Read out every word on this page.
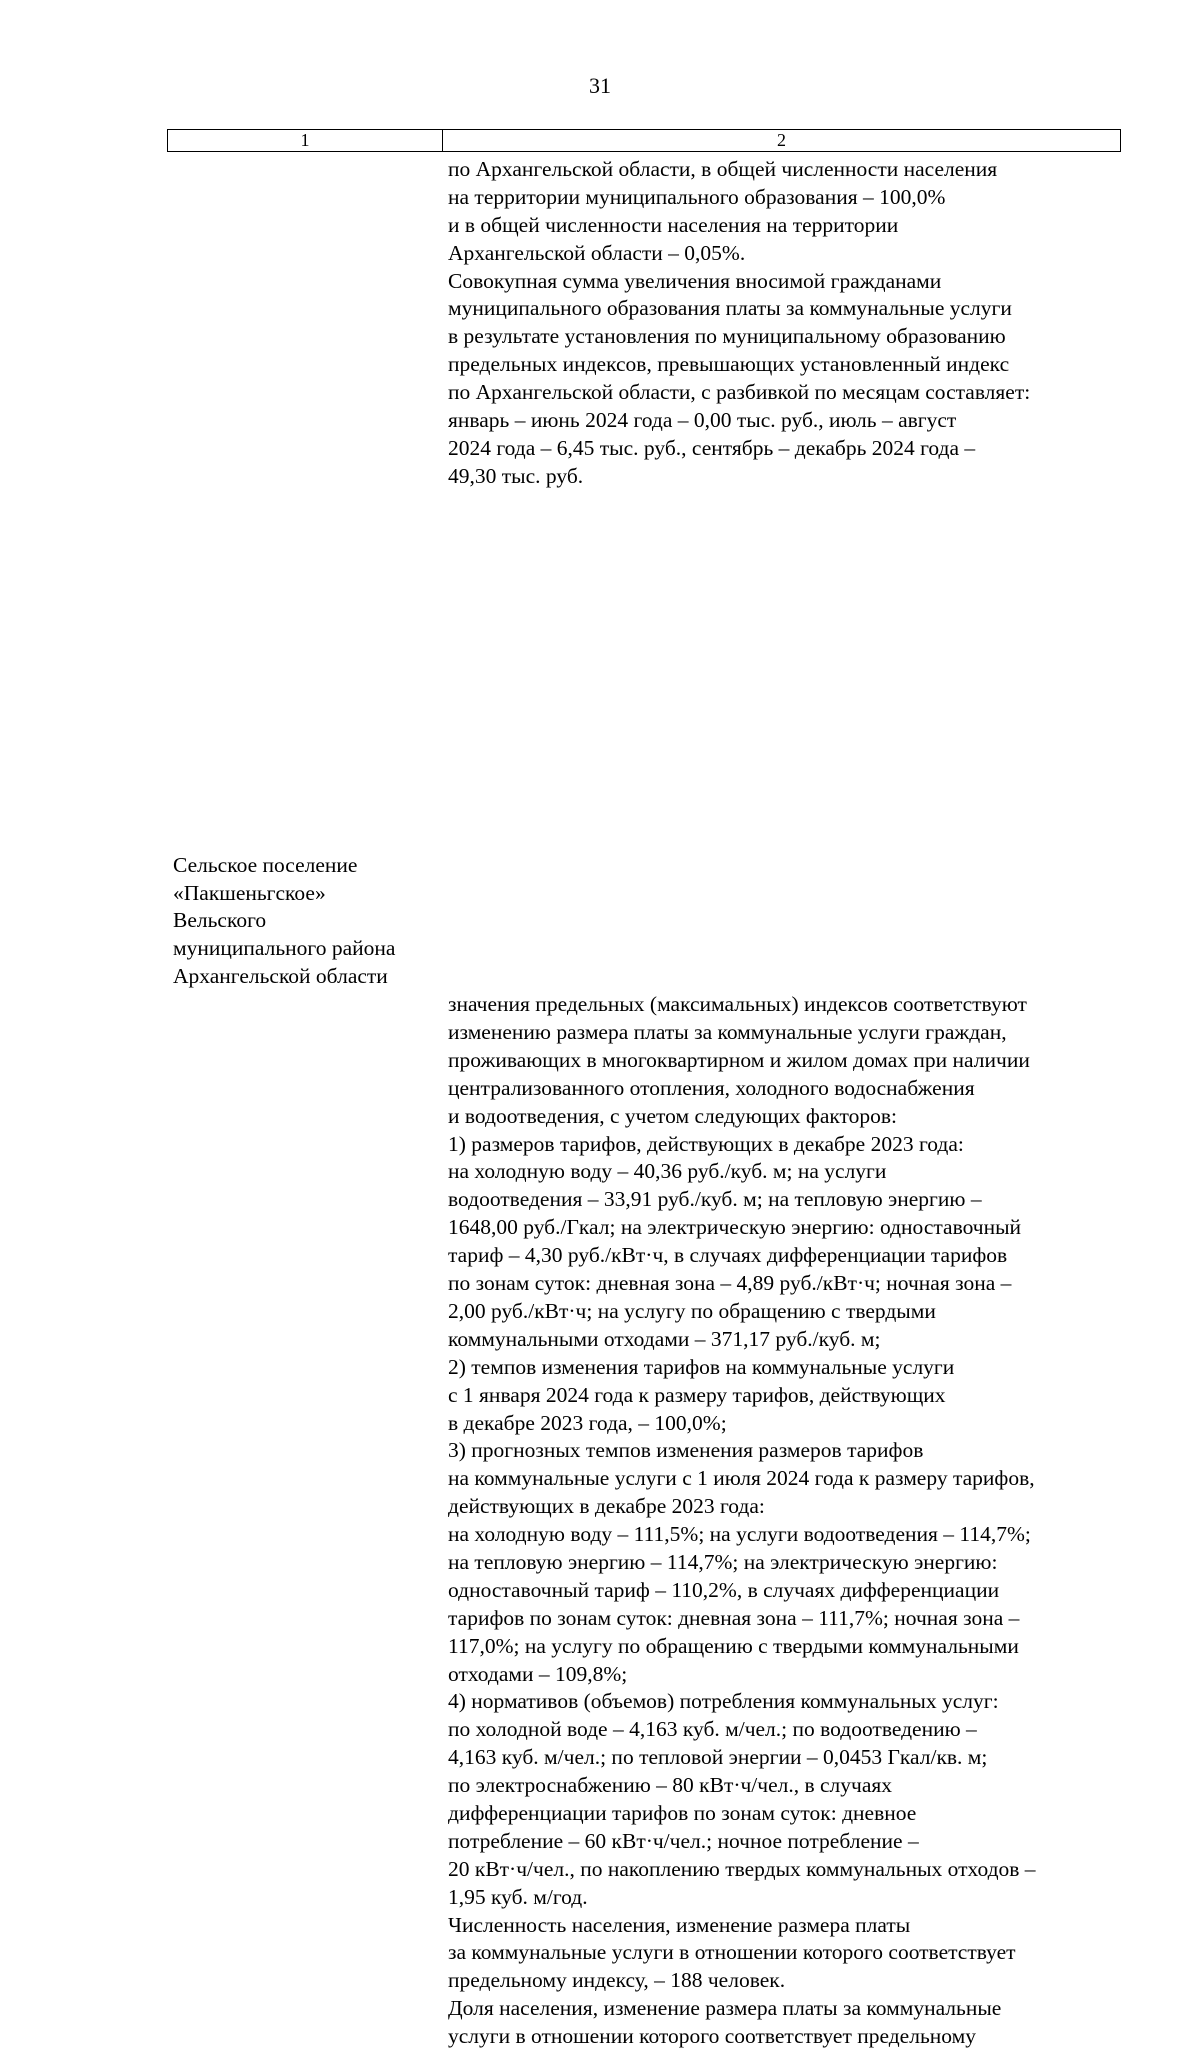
31
1	2
по Архангельской области, в общей численности населения
на территории муниципального образования – 100,0%
и в общей численности населения на территории
Архангельской области – 0,05%.
Совокупная сумма увеличения вносимой гражданами
муниципального образования платы за коммунальные услуги
в результате установления по муниципальному образованию
предельных индексов, превышающих установленный индекс
по Архангельской области, с разбивкой по месяцам составляет:
январь – июнь 2024 года – 0,00 тыс. руб., июль – август
2024 года – 6,45 тыс. руб., сентябрь – декабрь 2024 года –
49,30 тыс. руб.
Сельское поселение
«Пакшеньгское»
Вельского
муниципального района
Архангельской области
значения предельных (максимальных) индексов соответствуют
изменению размера платы за коммунальные услуги граждан,
проживающих в многоквартирном и жилом домах при наличии
централизованного отопления, холодного водоснабжения
и водоотведения, с учетом следующих факторов:
1) размеров тарифов, действующих в декабре 2023 года:
на холодную воду – 40,36 руб./куб. м; на услуги
водоотведения – 33,91 руб./куб. м; на тепловую энергию –
1648,00 руб./Гкал; на электрическую энергию: одноставочный
тариф – 4,30 руб./кВт·ч, в случаях дифференциации тарифов
по зонам суток: дневная зона – 4,89 руб./кВт·ч; ночная зона –
2,00 руб./кВт·ч; на услугу по обращению с твердыми
коммунальными отходами – 371,17 руб./куб. м;
2) темпов изменения тарифов на коммунальные услуги
с 1 января 2024 года к размеру тарифов, действующих
в декабре 2023 года, – 100,0%;
3) прогнозных темпов изменения размеров тарифов
на коммунальные услуги с 1 июля 2024 года к размеру тарифов,
действующих в декабре 2023 года:
на холодную воду – 111,5%; на услуги водоотведения – 114,7%;
на тепловую энергию – 114,7%; на электрическую энергию:
одноставочный тариф – 110,2%, в случаях дифференциации
тарифов по зонам суток: дневная зона – 111,7%; ночная зона –
117,0%; на услугу по обращению с твердыми коммунальными
отходами – 109,8%;
4) нормативов (объемов) потребления коммунальных услуг:
по холодной воде – 4,163 куб. м/чел.; по водоотведению –
4,163 куб. м/чел.; по тепловой энергии – 0,0453 Гкал/кв. м;
по электроснабжению – 80 кВт·ч/чел., в случаях
дифференциации тарифов по зонам суток: дневное
потребление – 60 кВт·ч/чел.; ночное потребление –
20 кВт·ч/чел., по накоплению твердых коммунальных отходов –
1,95 куб. м/год.
Численность населения, изменение размера платы
за коммунальные услуги в отношении которого соответствует
предельному индексу, – 188 человек.
Доля населения, изменение размера платы за коммунальные
услуги в отношении которого соответствует предельному
